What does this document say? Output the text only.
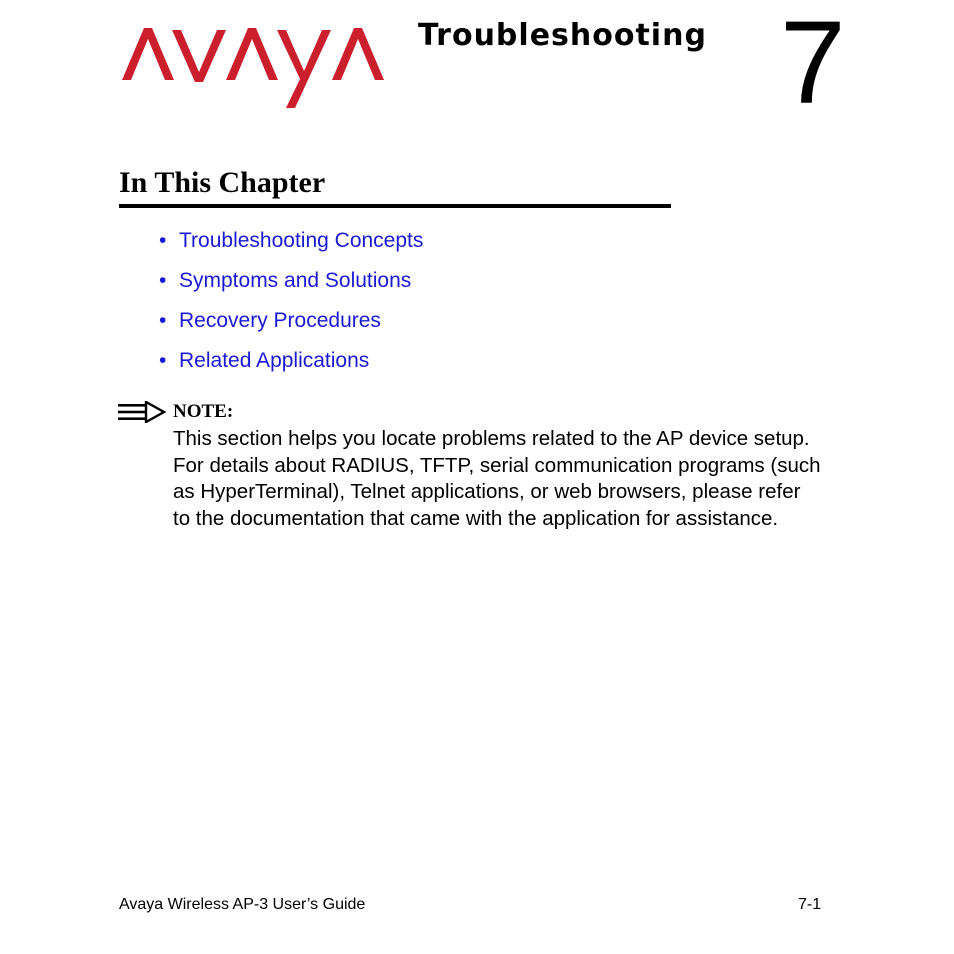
AVAYA
Troubleshooting 7
In This Chapter
• Troubleshooting Concepts
• Symptoms and Solutions
• Recovery Procedures
• Related Applications
NOTE:

This section helps you locate problems related to the AP device setup. For details about RADIUS, TFTP, serial communication programs (such as HyperTerminal), Telnet applications, or web browsers, please refer to the documentation that came with the application for assistance.

Avaya Wireless AP-3 User’s Guide	7-1
